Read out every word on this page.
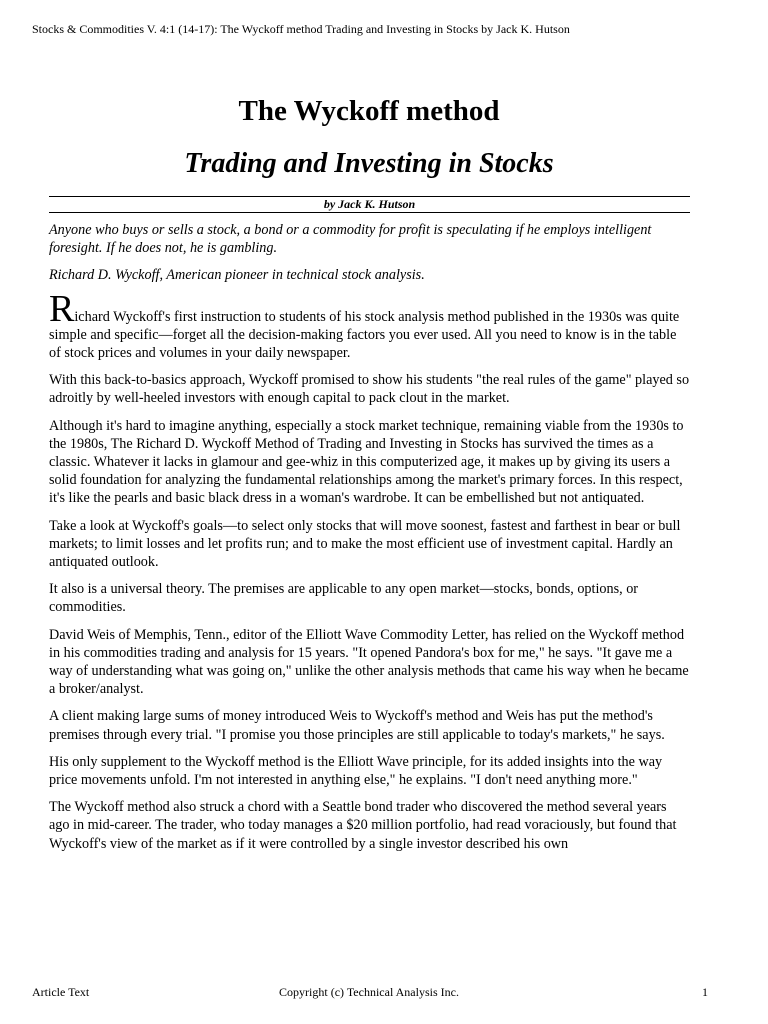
Stocks & Commodities V. 4:1 (14-17): The Wyckoff method Trading and Investing in Stocks by Jack K. Hutson
The Wyckoff method
Trading and Investing in Stocks
by Jack K. Hutson

Anyone who buys or sells a stock, a bond or a commodity for profit is speculating if he employs intelligent foresight. If he does not, he is gambling.

Richard D. Wyckoff, American pioneer in technical stock analysis.

Richard Wyckoff's first instruction to students of his stock analysis method published in the 1930s was quite simple and specific—forget all the decision-making factors you ever used. All you need to know is in the table of stock prices and volumes in your daily newspaper.

With this back-to-basics approach, Wyckoff promised to show his students "the real rules of the game" played so adroitly by well-heeled investors with enough capital to pack clout in the market.

Although it's hard to imagine anything, especially a stock market technique, remaining viable from the 1930s to the 1980s, The Richard D. Wyckoff Method of Trading and Investing in Stocks has survived the times as a classic. Whatever it lacks in glamour and gee-whiz in this computerized age, it makes up by giving its users a solid foundation for analyzing the fundamental relationships among the market's primary forces. In this respect, it's like the pearls and basic black dress in a woman's wardrobe. It can be embellished but not antiquated.

Take a look at Wyckoff's goals—to select only stocks that will move soonest, fastest and farthest in bear or bull markets; to limit losses and let profits run; and to make the most efficient use of investment capital. Hardly an antiquated outlook.

It also is a universal theory. The premises are applicable to any open market—stocks, bonds, options, or commodities.

David Weis of Memphis, Tenn., editor of the Elliott Wave Commodity Letter, has relied on the Wyckoff method in his commodities trading and analysis for 15 years. "It opened Pandora's box for me," he says. "It gave me a way of understanding what was going on," unlike the other analysis methods that came his way when he became a broker/analyst.

A client making large sums of money introduced Weis to Wyckoff's method and Weis has put the method's premises through every trial. "I promise you those principles are still applicable to today's markets," he says.

His only supplement to the Wyckoff method is the Elliott Wave principle, for its added insights into the way price movements unfold. I'm not interested in anything else," he explains. "I don't need anything more."

The Wyckoff method also struck a chord with a Seattle bond trader who discovered the method several years ago in mid-career. The trader, who today manages a $20 million portfolio, had read voraciously, but found that Wyckoff's view of the market as if it were controlled by a single investor described his own

Article Text	Copyright (c) Technical Analysis Inc.	1
